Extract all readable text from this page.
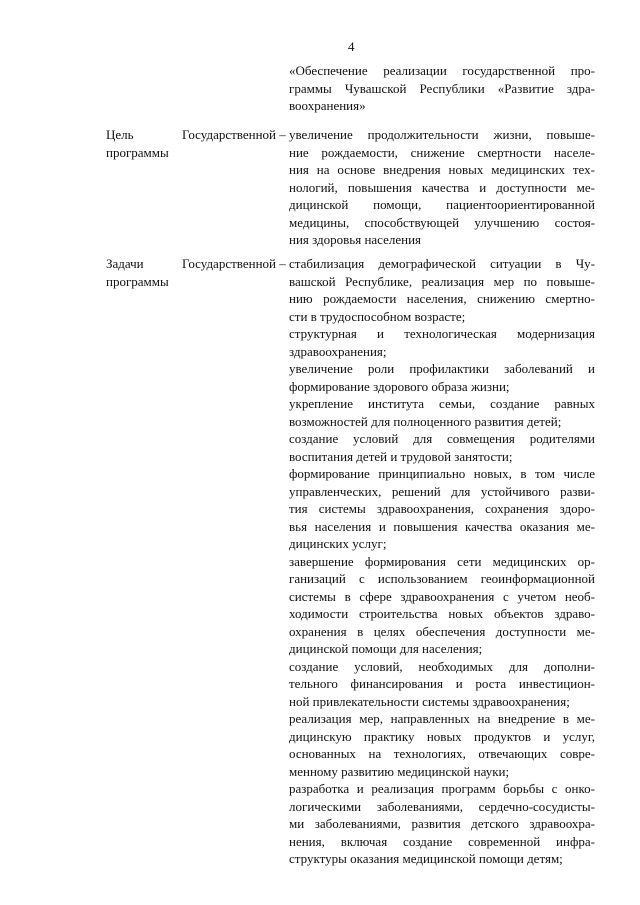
4
«Обеспечение реализации государственной про-
граммы Чувашской Республики «Развитие здра-
воохранения»
Цель Государственной
программы
– увеличение продолжительности жизни, повыше-
ние рождаемости, снижение смертности населе-
ния на основе внедрения новых медицинских тех-
нологий, повышения качества и доступности ме-
дицинской помощи, пациентоориентированной
медицины, способствующей улучшению состоя-
ния здоровья населения
Задачи Государственной
программы
– стабилизация демографической ситуации в Чу-
вашской Республике, реализация мер по повыше-
нию рождаемости населения, снижению смертно-
сти в трудоспособном возрасте;
структурная и технологическая модернизация
здравоохранения;
увеличение роли профилактики заболеваний и
формирование здорового образа жизни;
укрепление института семьи, создание равных
возможностей для полноценного развития детей;
создание условий для совмещения родителями
воспитания детей и трудовой занятости;
формирование принципиально новых, в том числе
управленческих, решений для устойчивого разви-
тия системы здравоохранения, сохранения здоро-
вья населения и повышения качества оказания ме-
дицинских услуг;
завершение формирования сети медицинских ор-
ганизаций с использованием геоинформационной
системы в сфере здравоохранения с учетом необ-
ходимости строительства новых объектов здраво-
охранения в целях обеспечения доступности ме-
дицинской помощи для населения;
создание условий, необходимых для дополни-
тельного финансирования и роста инвестицион-
ной привлекательности системы здравоохранения;
реализация мер, направленных на внедрение в ме-
дицинскую практику новых продуктов и услуг,
основанных на технологиях, отвечающих совре-
менному развитию медицинской науки;
разработка и реализация программ борьбы с онко-
логическими заболеваниями, сердечно-сосудисты-
ми заболеваниями, развития детского здравоохра-
нения, включая создание современной инфра-
структуры оказания медицинской помощи детям;
